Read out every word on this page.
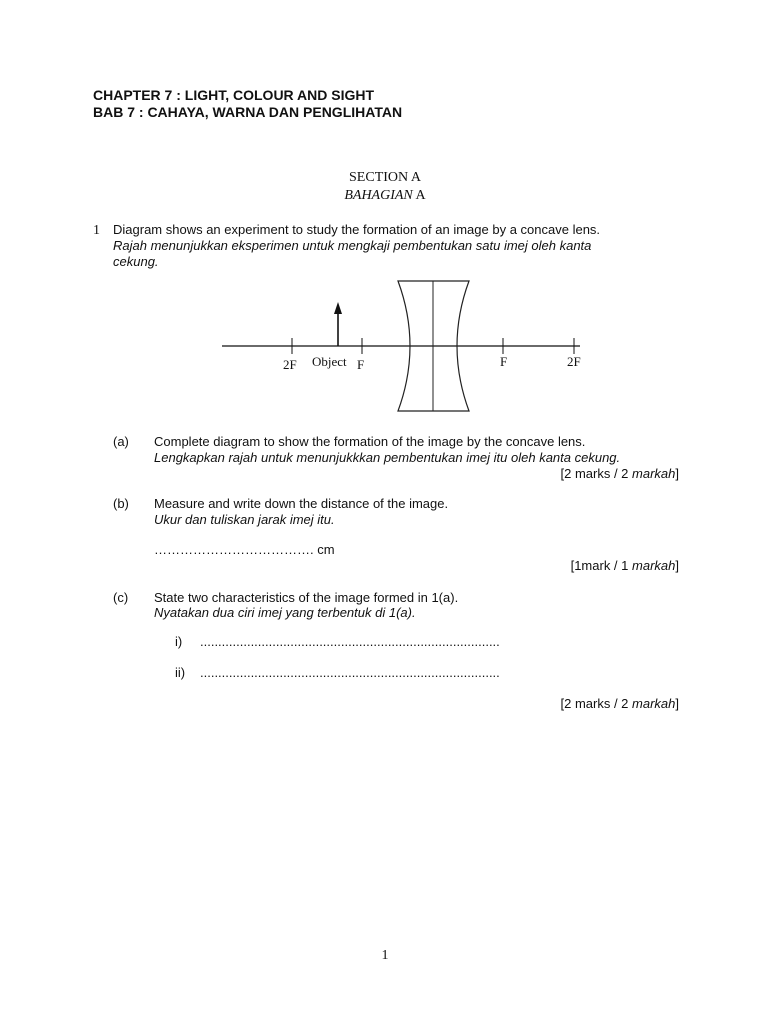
CHAPTER 7 : LIGHT, COLOUR AND SIGHT
BAB 7 : CAHAYA, WARNA DAN PENGLIHATAN
SECTION A
BAHAGIAN A
1 Diagram shows an experiment to study the formation of an image by a concave lens.
Rajah menunjukkan eksperimen untuk mengkaji pembentukan satu imej oleh kanta
cekung.
2F Object F	F	2F
(a) Complete diagram to show the formation of the image by the concave lens.
Lengkapkan rajah untuk menunjukkkan pembentukan imej itu oleh kanta cekung.
[2 marks / 2 markah]
(b) Measure and write down the distance of the image.
Ukur dan tuliskan jarak imej itu.
………………………………. cm
[1mark / 1 markah]
(c) State two characteristics of the image formed in 1(a).
Nyatakan dua ciri imej yang terbentuk di 1(a).
i) ...................................................................................
ii) ...................................................................................
[2 marks / 2 markah]
1
